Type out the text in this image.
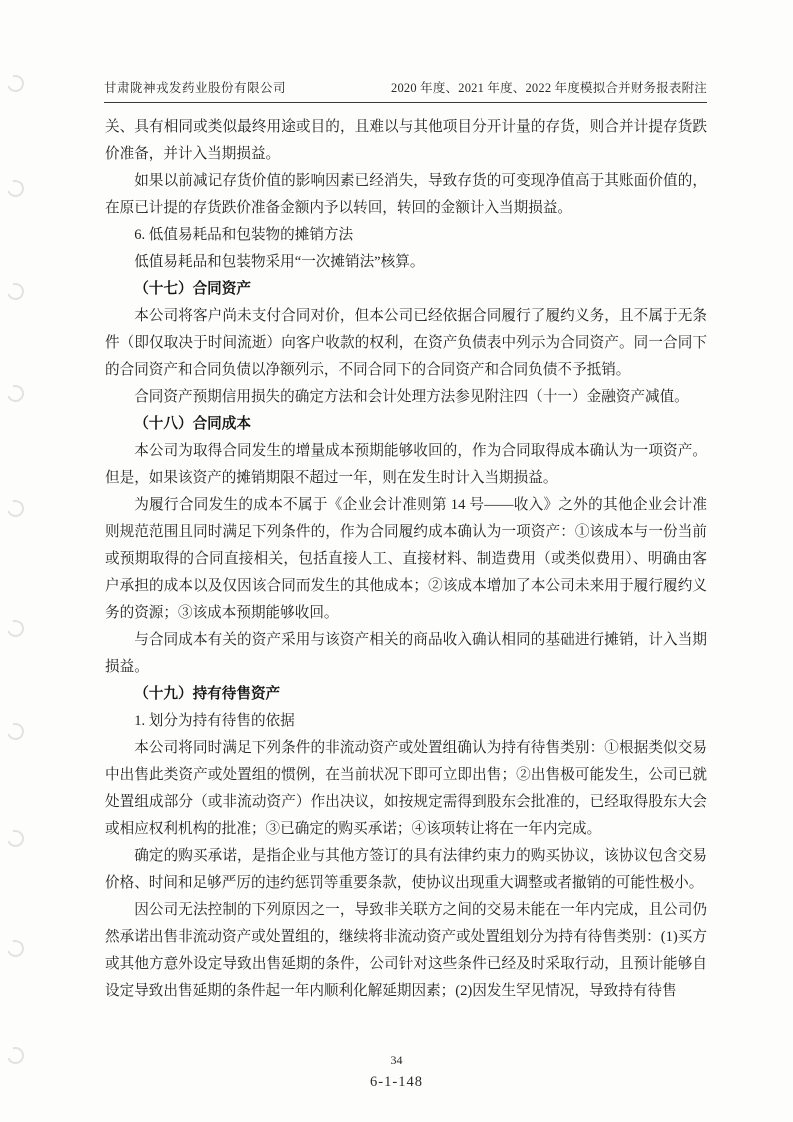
甘肃陇神戎发药业股份有限公司	2020 年度、2021 年度、2022 年度模拟合并财务报表附注

关、具有相同或类似最终用途或目的，且难以与其他项目分开计量的存货，则合并计提存货跌价准备，并计入当期损益。

如果以前减记存货价值的影响因素已经消失，导致存货的可变现净值高于其账面价值的，在原已计提的存货跌价准备金额内予以转回，转回的金额计入当期损益。

6. 低值易耗品和包装物的摊销方法

低值易耗品和包装物采用“一次摊销法”核算。

（十七）合同资产

本公司将客户尚未支付合同对价，但本公司已经依据合同履行了履约义务，且不属于无条件（即仅取决于时间流逝）向客户收款的权利，在资产负债表中列示为合同资产。同一合同下的合同资产和合同负债以净额列示，不同合同下的合同资产和合同负债不予抵销。

合同资产预期信用损失的确定方法和会计处理方法参见附注四（十一）金融资产减值。

（十八）合同成本

本公司为取得合同发生的增量成本预期能够收回的，作为合同取得成本确认为一项资产。但是，如果该资产的摊销期限不超过一年，则在发生时计入当期损益。

为履行合同发生的成本不属于《企业会计准则第 14 号——收入》之外的其他企业会计准则规范范围且同时满足下列条件的，作为合同履约成本确认为一项资产：①该成本与一份当前或预期取得的合同直接相关，包括直接人工、直接材料、制造费用（或类似费用）、明确由客户承担的成本以及仅因该合同而发生的其他成本；②该成本增加了本公司未来用于履行履约义务的资源；③该成本预期能够收回。

与合同成本有关的资产采用与该资产相关的商品收入确认相同的基础进行摊销，计入当期损益。

（十九）持有待售资产

1. 划分为持有待售的依据

本公司将同时满足下列条件的非流动资产或处置组确认为持有待售类别：①根据类似交易中出售此类资产或处置组的惯例，在当前状况下即可立即出售；②出售极可能发生，公司已就处置组成部分（或非流动资产）作出决议，如按规定需得到股东会批准的，已经取得股东大会或相应权利机构的批准；③已确定的购买承诺；④该项转让将在一年内完成。

确定的购买承诺，是指企业与其他方签订的具有法律约束力的购买协议，该协议包含交易价格、时间和足够严厉的违约惩罚等重要条款，使协议出现重大调整或者撤销的可能性极小。

因公司无法控制的下列原因之一，导致非关联方之间的交易未能在一年内完成，且公司仍然承诺出售非流动资产或处置组的，继续将非流动资产或处置组划分为持有待售类别：(1)买方或其他方意外设定导致出售延期的条件，公司针对这些条件已经及时采取行动，且预计能够自设定导致出售延期的条件起一年内顺利化解延期因素；(2)因发生罕见情况，导致持有待售

34
6-1-148
